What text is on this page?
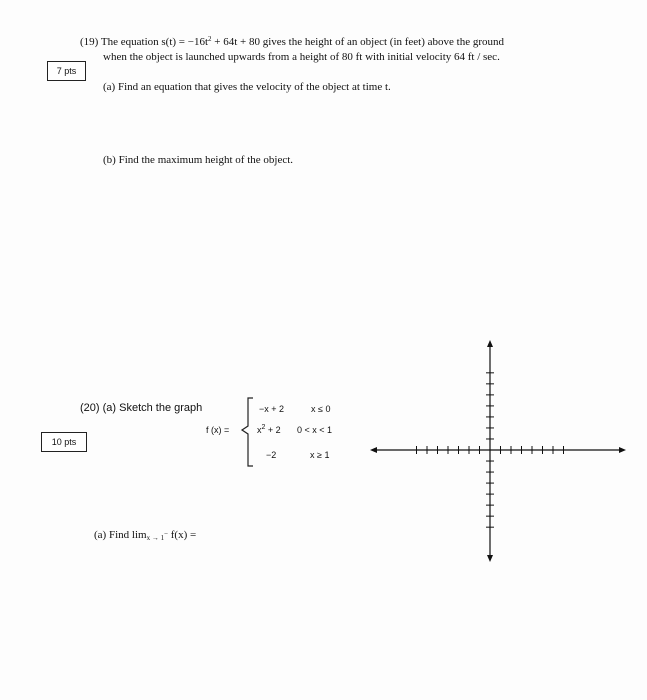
7 pts
(19) The equation $s(t) = -16t^2 + 64t + 80$ gives the height of an object (in feet) above the ground
when the object is launched upwards from a height of 80 ft with initial velocity 64 ft / sec.
(a) Find an equation that gives the velocity of the object at time t.
(b) Find the maximum height of the object.
(20) (a) Sketch the graph
10 pts
f (x) =
−x + 2	x ≤ 0
$x^2 + 2$ 0 < x < 1
−2	x ≥ 1
(a) Find $\lim_{x \to 1^-} f(x)$ =
